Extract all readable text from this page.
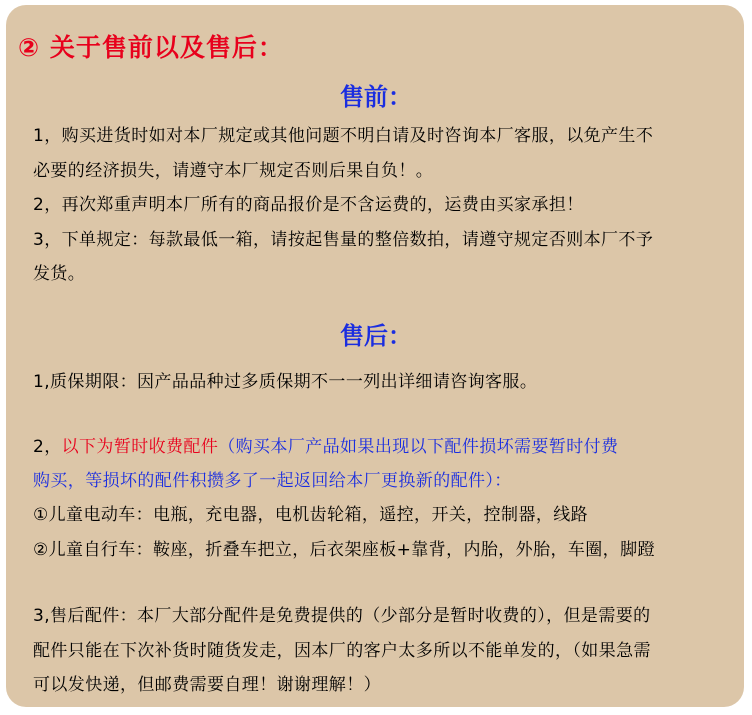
② 关于售前以及售后：
售前：
1，购买进货时如对本厂规定或其他问题不明白请及时咨询本厂客服，以免产生不
必要的经济损失，请遵守本厂规定否则后果自负！。
2，再次郑重声明本厂所有的商品报价是不含运费的，运费由买家承担！
3，下单规定：每款最低一箱，请按起售量的整倍数拍，请遵守规定否则本厂不予
发货。
售后：
1,质保期限：因产品品种过多质保期不一一列出详细请咨询客服。
2，以下为暂时收费配件（购买本厂产品如果出现以下配件损坏需要暂时付费
购买，等损坏的配件积攒多了一起返回给本厂更换新的配件）：
①儿童电动车：电瓶，充电器，电机齿轮箱，遥控，开关，控制器，线路
②儿童自行车：鞍座，折叠车把立，后衣架座板+靠背，内胎，外胎，车圈，脚蹬
3,售后配件：本厂大部分配件是免费提供的（少部分是暂时收费的），但是需要的
配件只能在下次补货时随货发走，因本厂的客户太多所以不能单发的，（如果急需
可以发快递，但邮费需要自理！谢谢理解！）
